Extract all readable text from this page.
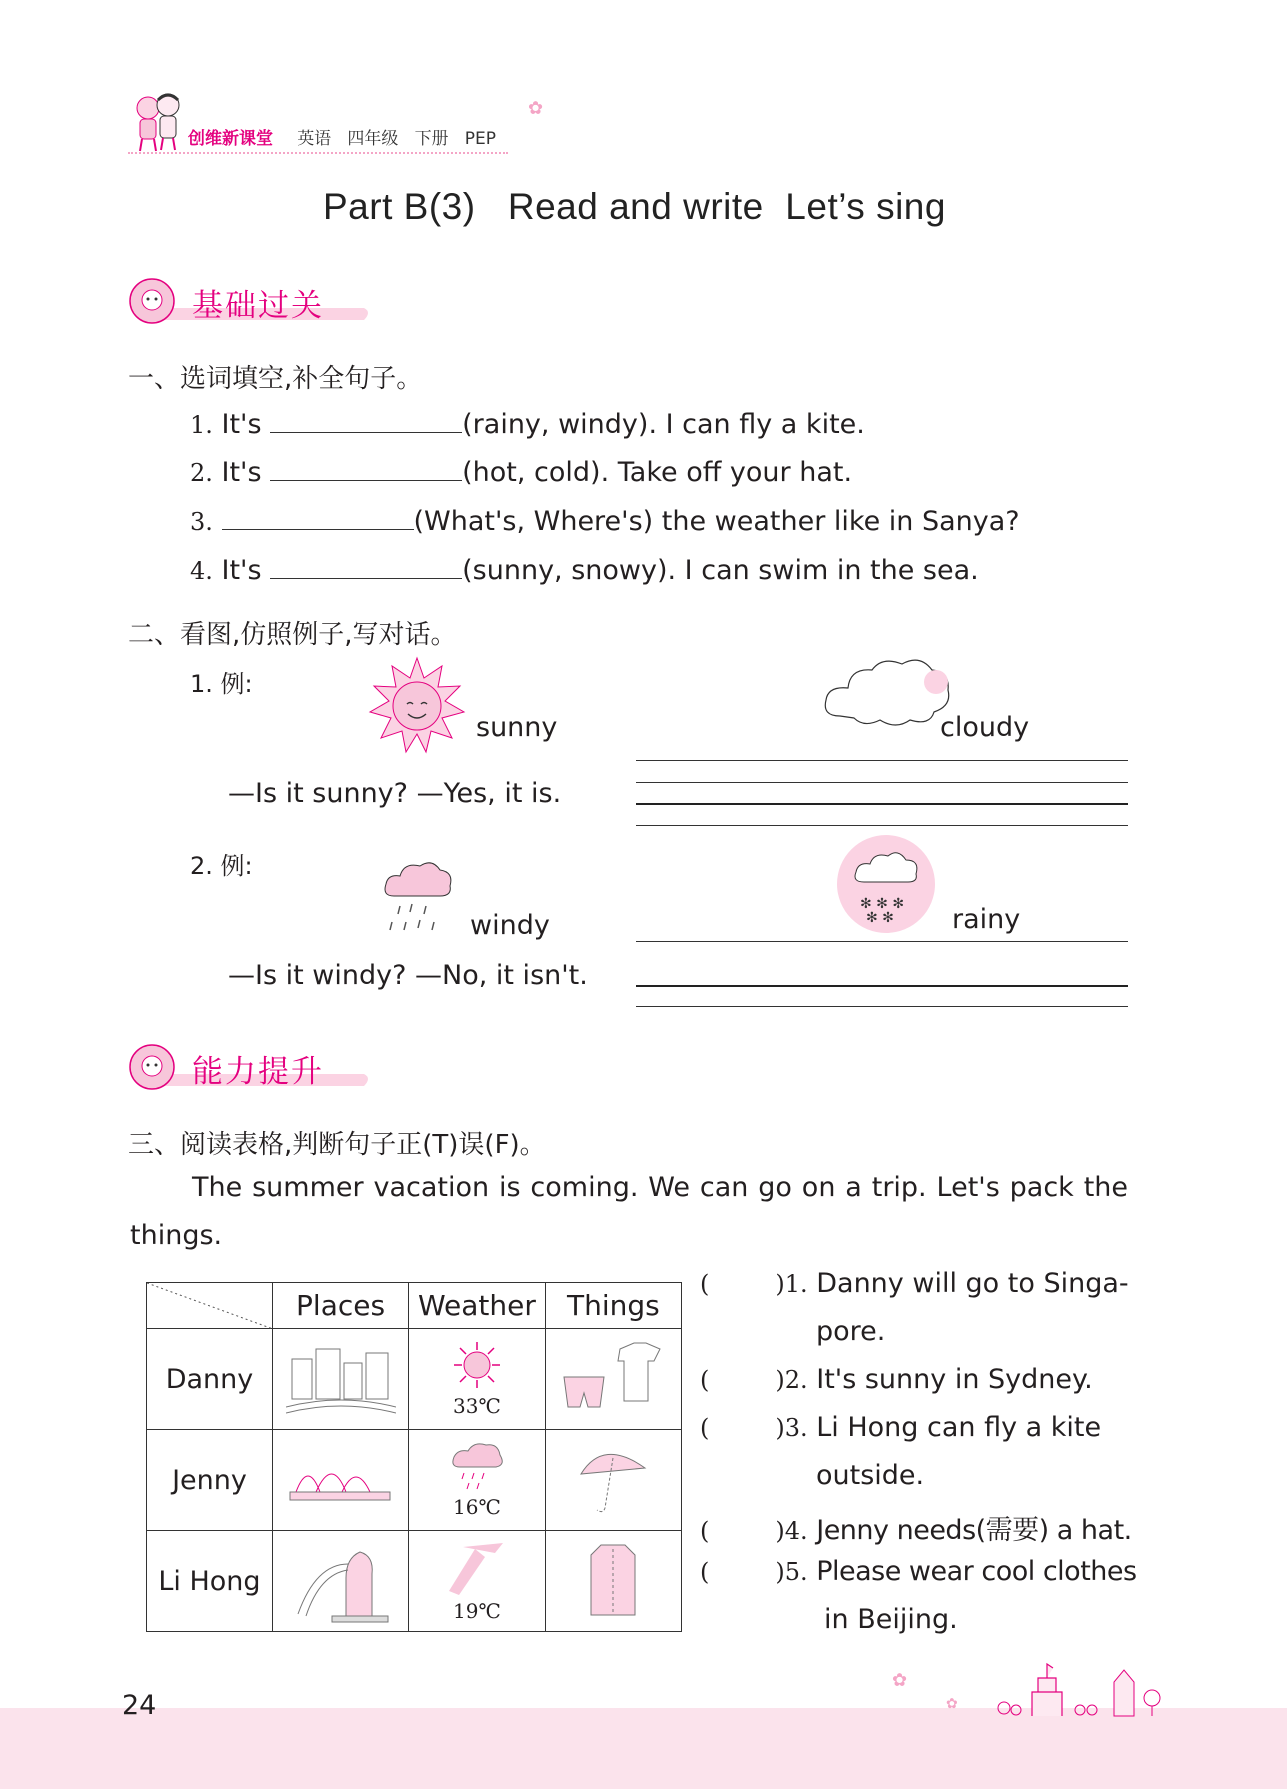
创维新课堂 英语 四年级 下册 PEP
✿
Part B(3)   Read and write  Let’s sing
基础过关
一、选词填空,补全句子。
1. It's	(rainy, windy). I can fly a kite.
2. It's	(hot, cold). Take off your hat.
3.	(What's, Where's) the weather like in Sanya?
4. It's	(sunny, snowy). I can swim in the sea.
二、看图,仿照例子,写对话。
1. 例:
sunny	cloudy
—Is it sunny? —Yes, it is.
2. 例:
windy
✻ ✻ ✻
✻ ✻ rainy
—Is it windy? —No, it isn't.
能力提升
三、阅读表格,判断句子正(T)误(F)。
The summer vacation is coming. We can go on a trip. Let's pack the
things.
	Places	Weather	Things
Danny		33℃

Jenny		16℃

Li Hong		19℃

(	)1. Danny will go to Singa-
pore.
(	)2. It's sunny in Sydney.
(	)3. Li Hong can fly a kite
outside.
(	)4. Jenny needs(需要) a hat.
(	)5. Please wear cool clothes
in Beijing.
24
✿
✿
